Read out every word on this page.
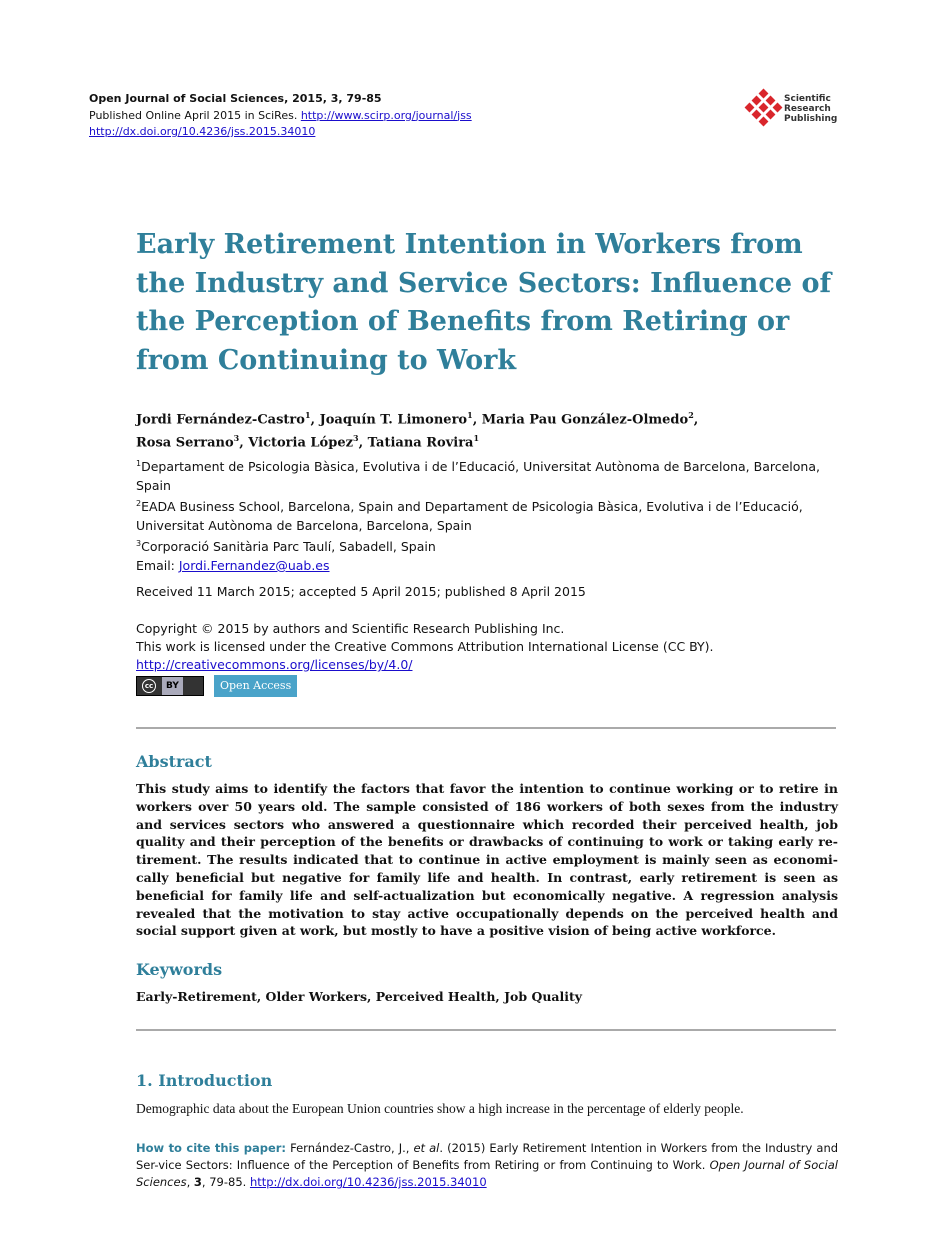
Open Journal of Social Sciences, 2015, 3, 79-85
Published Online April 2015 in SciRes. http://www.scirp.org/journal/jss
http://dx.doi.org/10.4236/jss.2015.34010
Scientific
Research
Publishing
Early Retirement Intention in Workers from the Industry and Service Sectors: Influence of the Perception of Benefits from Retiring or from Continuing to Work
Jordi Fernández-Castro$^1$, Joaquín T. Limonero$^1$, Maria Pau González-Olmedo$^2$,
Rosa Serrano$^3$, Victoria López$^3$, Tatiana Rovira$^1$

$^1$Departament de Psicologia Bàsica, Evolutiva i de l’Educació, Universitat Autònoma de Barcelona, Barcelona, Spain

$^2$EADA Business School, Barcelona, Spain and Departament de Psicologia Bàsica, Evolutiva i de l’Educació, Universitat Autònoma de Barcelona, Barcelona, Spain

$^3$Corporació Sanitària Parc Taulí, Sabadell, Spain

Email: Jordi.Fernandez@uab.es

Received 11 March 2015; accepted 5 April 2015; published 8 April 2015

Copyright © 2015 by authors and Scientific Research Publishing Inc.

This work is licensed under the Creative Commons Attribution International License (CC BY).

http://creativecommons.org/licenses/by/4.0/

cc	BY	Open Access
Abstract

This study aims to identify the factors that favor the intention to continue working or to retire in workers over 50 years old. The sample consisted of 186 workers of both sexes from the industry and services sectors who answered a questionnaire which recorded their perceived health, job quality and their perception of the benefits or drawbacks of continuing to work or taking early re-tirement. The results indicated that to continue in active employment is mainly seen as economi-cally beneficial but negative for family life and health. In contrast, early retirement is seen as beneficial for family life and self-actualization but economically negative. A regression analysis revealed that the motivation to stay active occupationally depends on the perceived health and social support given at work, but mostly to have a positive vision of being active workforce.

Keywords
Early-Retirement, Older Workers, Perceived Health, Job Quality
1. Introduction

Demographic data about the European Union countries show a high increase in the percentage of elderly people.

How to cite this paper: Fernández-Castro, J., et al. (2015) Early Retirement Intention in Workers from the Industry and Ser-vice Sectors: Influence of the Perception of Benefits from Retiring or from Continuing to Work. Open Journal of Social Sciences, 3, 79-85. http://dx.doi.org/10.4236/jss.2015.34010
